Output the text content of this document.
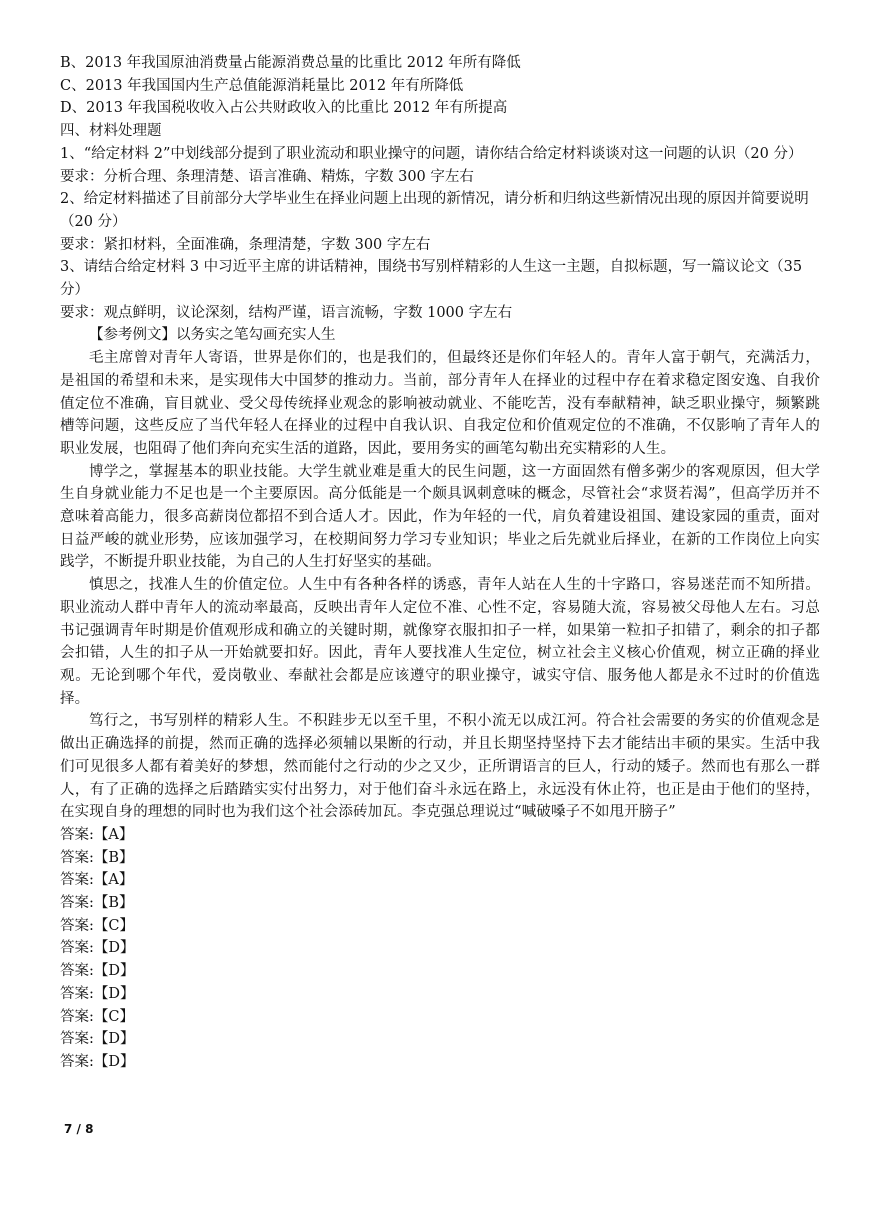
B、2013 年我国原油消费量占能源消费总量的比重比 2012 年所有降低

C、2013 年我国国内生产总值能源消耗量比 2012 年有所降低

D、2013 年我国税收收入占公共财政收入的比重比 2012 年有所提高

四、材料处理题

1、“给定材料 2”中划线部分提到了职业流动和职业操守的问题，请你结合给定材料谈谈对这一问题的认识（20 分）

要求：分析合理、条理清楚、语言准确、精炼，字数 300 字左右

2、给定材料描述了目前部分大学毕业生在择业问题上出现的新情况，请分析和归纳这些新情况出现的原因并简要说明（20 分）

要求：紧扣材料，全面准确，条理清楚，字数 300 字左右

3、请结合给定材料 3 中习近平主席的讲话精神，围绕书写别样精彩的人生这一主题，自拟标题，写一篇议论文（35 分）

要求：观点鲜明，议论深刻，结构严谨，语言流畅，字数 1000 字左右

【参考例文】以务实之笔勾画充实人生

毛主席曾对青年人寄语，世界是你们的，也是我们的，但最终还是你们年轻人的。青年人富于朝气，充满活力，是祖国的希望和未来，是实现伟大中国梦的推动力。当前，部分青年人在择业的过程中存在着求稳定图安逸、自我价值定位不准确，盲目就业、受父母传统择业观念的影响被动就业、不能吃苦，没有奉献精神，缺乏职业操守，频繁跳槽等问题，这些反应了当代年轻人在择业的过程中自我认识、自我定位和价值观定位的不准确，不仅影响了青年人的职业发展，也阻碍了他们奔向充实生活的道路，因此，要用务实的画笔勾勒出充实精彩的人生。

博学之，掌握基本的职业技能。大学生就业难是重大的民生问题，这一方面固然有僧多粥少的客观原因，但大学生自身就业能力不足也是一个主要原因。高分低能是一个颇具讽刺意味的概念，尽管社会“求贤若渴”，但高学历并不意味着高能力，很多高薪岗位都招不到合适人才。因此，作为年轻的一代，肩负着建设祖国、建设家园的重责，面对日益严峻的就业形势，应该加强学习，在校期间努力学习专业知识；毕业之后先就业后择业，在新的工作岗位上向实践学，不断提升职业技能，为自己的人生打好坚实的基础。

慎思之，找准人生的价值定位。人生中有各种各样的诱惑，青年人站在人生的十字路口，容易迷茫而不知所措。职业流动人群中青年人的流动率最高，反映出青年人定位不准、心性不定，容易随大流，容易被父母他人左右。习总书记强调青年时期是价值观形成和确立的关键时期，就像穿衣服扣扣子一样，如果第一粒扣子扣错了，剩余的扣子都会扣错，人生的扣子从一开始就要扣好。因此，青年人要找准人生定位，树立社会主义核心价值观，树立正确的择业观。无论到哪个年代，爱岗敬业、奉献社会都是应该遵守的职业操守，诚实守信、服务他人都是永不过时的价值选择。

笃行之，书写别样的精彩人生。不积跬步无以至千里，不积小流无以成江河。符合社会需要的务实的价值观念是做出正确选择的前提，然而正确的选择必须辅以果断的行动，并且长期坚持坚持下去才能结出丰硕的果实。生活中我们可见很多人都有着美好的梦想，然而能付之行动的少之又少，正所谓语言的巨人，行动的矮子。然而也有那么一群人，有了正确的选择之后踏踏实实付出努力，对于他们奋斗永远在路上，永远没有休止符，也正是由于他们的坚持，在实现自身的理想的同时也为我们这个社会添砖加瓦。李克强总理说过“喊破嗓子不如甩开膀子”

答案:【A】

答案:【B】

答案:【A】

答案:【B】

答案:【C】

答案:【D】

答案:【D】

答案:【D】

答案:【C】

答案:【D】

答案:【D】

7 / 8
